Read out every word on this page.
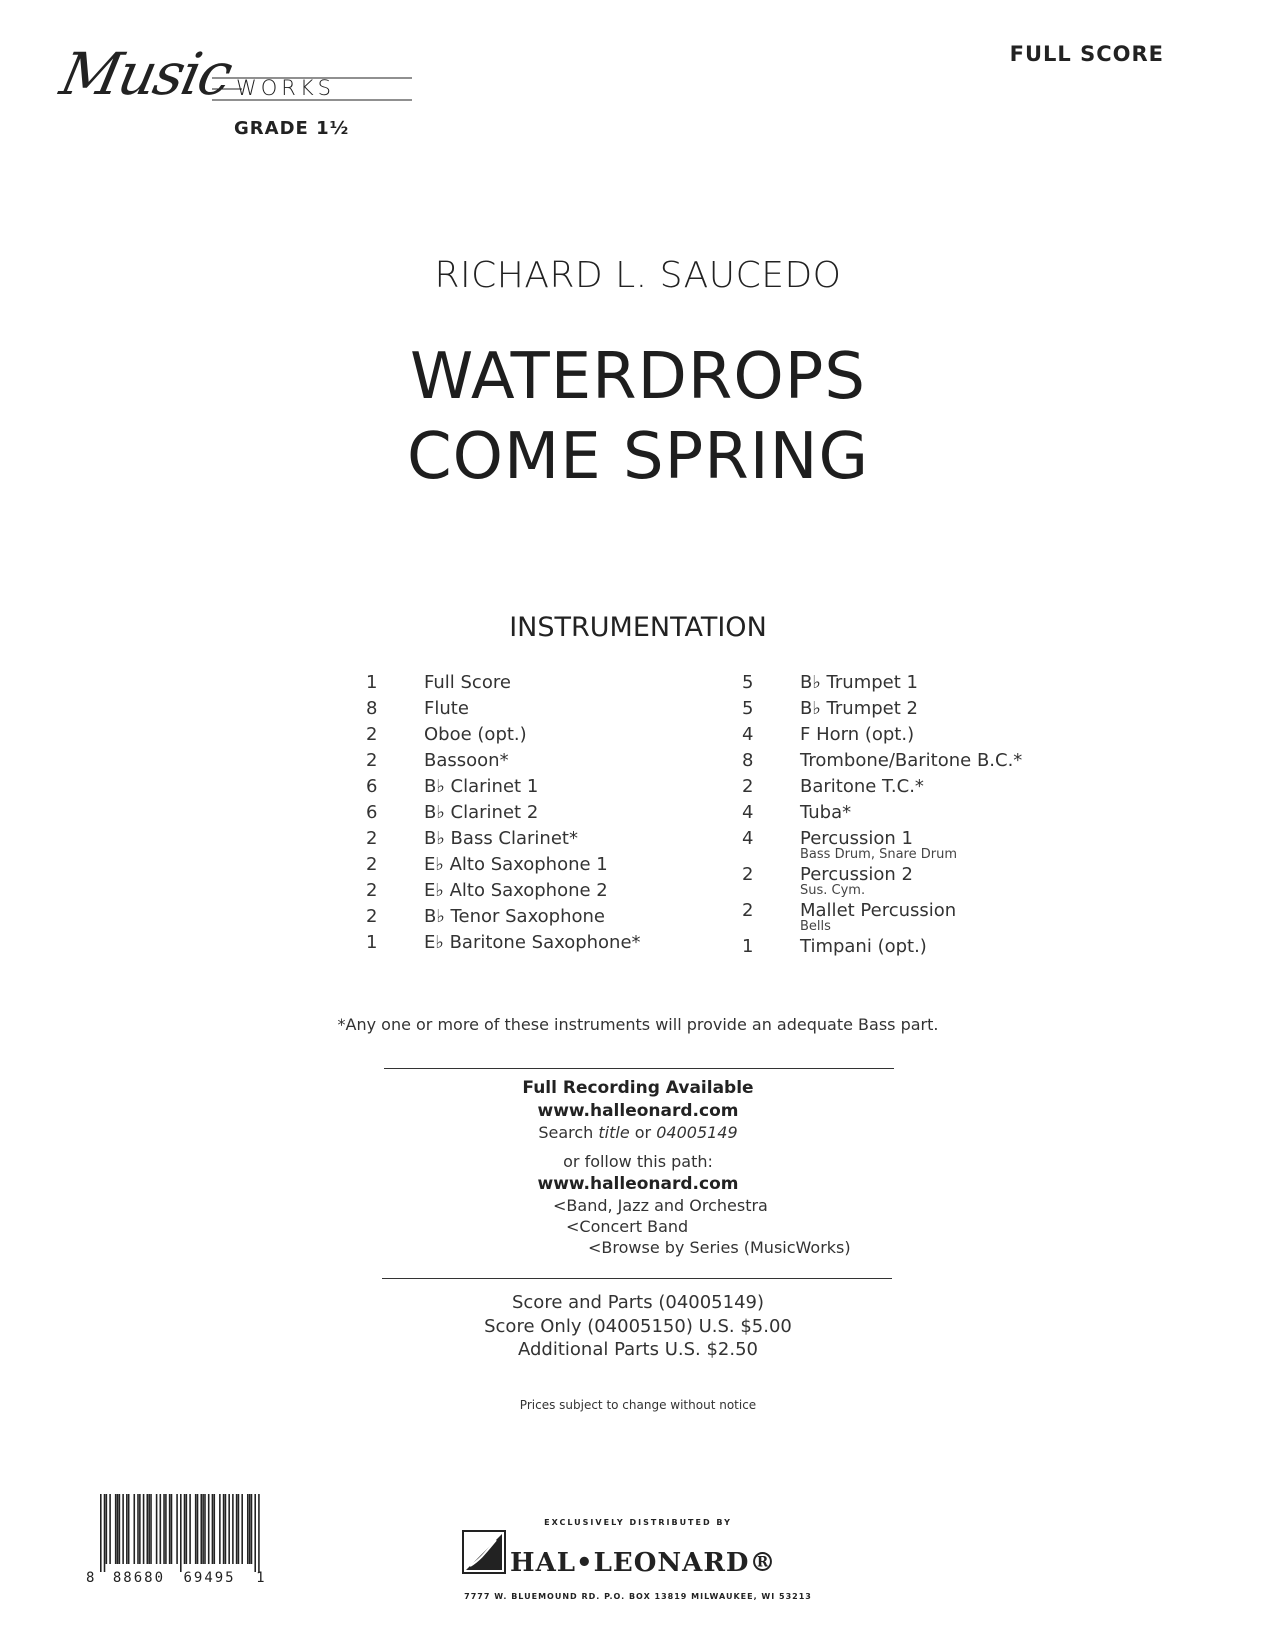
Music WORKS
GRADE 1½
FULL SCORE
RICHARD L. SAUCEDO
WATERDROPS
COME SPRING
INSTRUMENTATION
1	Full Score
8	Flute
2	Oboe (opt.)
2	Bassoon*
6	B♭ Clarinet 1
6	B♭ Clarinet 2
2	B♭ Bass Clarinet*
2	E♭ Alto Saxophone 1
2	E♭ Alto Saxophone 2
2	B♭ Tenor Saxophone
1	E♭ Baritone Saxophone*
5	B♭ Trumpet 1
5	B♭ Trumpet 2
4	F Horn (opt.)
8	Trombone/Baritone B.C.*
2	Baritone T.C.*
4	Tuba*
4	Percussion 1
Bass Drum, Snare Drum
2	Percussion 2
Sus. Cym.
2	Mallet Percussion
Bells
1	Timpani (opt.)
*Any one or more of these instruments will provide an adequate Bass part.
Full Recording Available
www.halleonard.com
Search title or 04005149
or follow this path:
www.halleonard.com
<Band, Jazz and Orchestra
<Concert Band
<Browse by Series (MusicWorks)
Score and Parts (04005149)
Score Only (04005150) U.S. $5.00
Additional Parts U.S. $2.50
Prices subject to change without notice
8 88680 69495 1
EXCLUSIVELY DISTRIBUTED BY
HAL•LEONARD®
7777 W. BLUEMOUND RD. P.O. BOX 13819 MILWAUKEE, WI 53213
